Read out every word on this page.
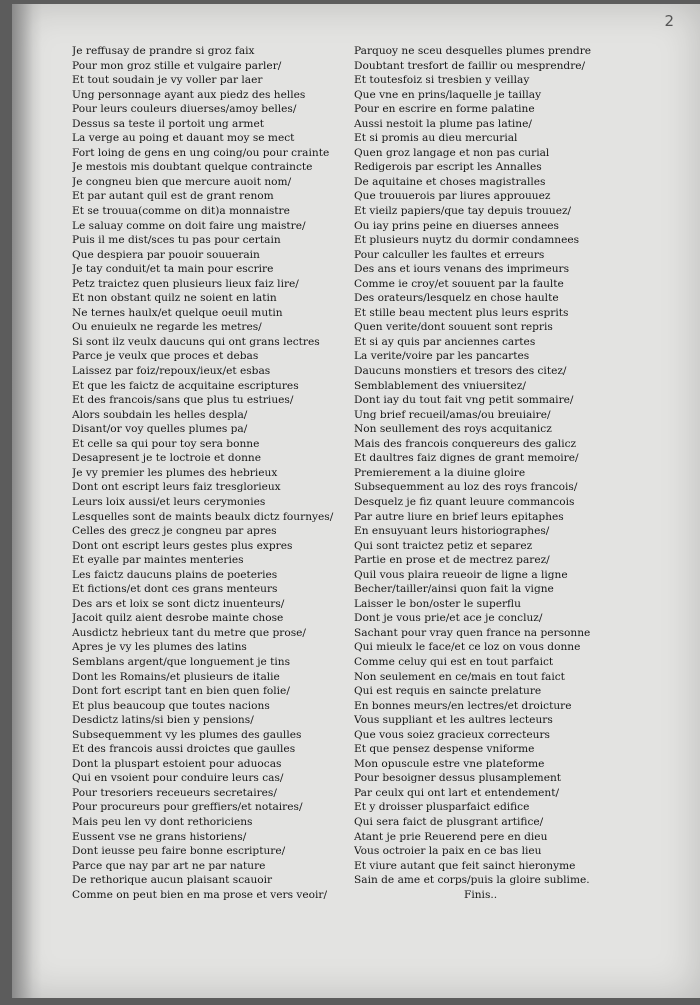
2
Je reffusay de prandre si groz faix
Pour mon groz stille et vulgaire parler/
Et tout soudain je vy voller par laer
Ung personnage ayant aux piedz des helles
Pour leurs couleurs diuerses/amoy belles/
Dessus sa teste il portoit ung armet
La verge au poing et dauant moy se mect
Fort loing de gens en ung coing/ou pour crainte
Je mestois mis doubtant quelque contraincte
Je congneu bien que mercure auoit nom/
Et par autant quil est de grant renom
Et se trouua(comme on dit)a monnaistre
Le saluay comme on doit faire ung maistre/
Puis il me dist/sces tu pas pour certain
Que despiera par pouoir souuerain
Je tay conduit/et ta main pour escrire
Petz traictez quen plusieurs lieux faiz lire/
Et non obstant quilz ne soient en latin
Ne ternes haulx/et quelque oeuil mutin
Ou enuieulx ne regarde les metres/
Si sont ilz veulx daucuns qui ont grans lectres
Parce je veulx que proces et debas
Laissez par foiz/repoux/ieux/et esbas
Et que les faictz de acquitaine escriptures
Et des francois/sans que plus tu estriues/
Alors soubdain les helles despla/
Disant/or voy quelles plumes pa/
Et celle sa qui pour toy sera bonne
Desapresent je te loctroie et donne
Je vy premier les plumes des hebrieux
Dont ont escript leurs faiz tresglorieux
Leurs loix aussi/et leurs cerymonies
Lesquelles sont de maints beaulx dictz fournyes/
Celles des grecz je congneu par apres
Dont ont escript leurs gestes plus expres
Et eyalle par maintes menteries
Les faictz daucuns plains de poeteries
Et fictions/et dont ces grans menteurs
Des ars et loix se sont dictz inuenteurs/
Jacoit quilz aient desrobe mainte chose
Ausdictz hebrieux tant du metre que prose/
Apres je vy les plumes des latins
Semblans argent/que longuement je tins
Dont les Romains/et plusieurs de italie
Dont fort escript tant en bien quen folie/
Et plus beaucoup que toutes nacions
Desdictz latins/si bien y pensions/
Subsequemment vy les plumes des gaulles
Et des francois aussi droictes que gaulles
Dont la pluspart estoient pour aduocas
Qui en vsoient pour conduire leurs cas/
Pour tresoriers receueurs secretaires/
Pour procureurs pour greffiers/et notaires/
Mais peu len vy dont rethoriciens
Eussent vse ne grans historiens/
Dont ieusse peu faire bonne escripture/
Parce que nay par art ne par nature
De rethorique aucun plaisant scauoir
Comme on peut bien en ma prose et vers veoir/
Parquoy ne sceu desquelles plumes prendre
Doubtant tresfort de faillir ou mesprendre/
Et toutesfoiz si tresbien y veillay
Que vne en prins/laquelle je taillay
Pour en escrire en forme palatine
Aussi nestoit la plume pas latine/
Et si promis au dieu mercurial
Quen groz langage et non pas curial
Redigerois par escript les Annalles
De aquitaine et choses magistralles
Que trouuerois par liures approuuez
Et vieilz papiers/que tay depuis trouuez/
Ou iay prins peine en diuerses annees
Et plusieurs nuytz du dormir condamnees
Pour calculler les faultes et erreurs
Des ans et iours venans des imprimeurs
Comme ie croy/et souuent par la faulte
Des orateurs/lesquelz en chose haulte
Et stille beau mectent plus leurs esprits
Quen verite/dont souuent sont repris
Et si ay quis par anciennes cartes
La verite/voire par les pancartes
Daucuns monstiers et tresors des citez/
Semblablement des vniuersitez/
Dont iay du tout fait vng petit sommaire/
Ung brief recueil/amas/ou breuiaire/
Non seullement des roys acquitanicz
Mais des francois conquereurs des galicz
Et daultres faiz dignes de grant memoire/
Premierement a la diuine gloire
Subsequemment au loz des roys francois/
Desquelz je fiz quant leuure commancois
Par autre liure en brief leurs epitaphes
En ensuyuant leurs historiographes/
Qui sont traictez petiz et separez
Partie en prose et de mectrez parez/
Quil vous plaira reueoir de ligne a ligne
Becher/tailler/ainsi quon fait la vigne
Laisser le bon/oster le superflu
Dont je vous prie/et ace je concluz/
Sachant pour vray quen france na personne
Qui mieulx le face/et ce loz on vous donne
Comme celuy qui est en tout parfaict
Non seulement en ce/mais en tout faict
Qui est requis en saincte prelature
En bonnes meurs/en lectres/et droicture
Vous suppliant et les aultres lecteurs
Que vous soiez gracieux correcteurs
Et que pensez despense vniforme
Mon opuscule estre vne plateforme
Pour besoigner dessus plusamplement
Par ceulx qui ont lart et entendement/
Et y droisser plusparfaict edifice
Qui sera faict de plusgrant artifice/
Atant je prie Reuerend pere en dieu
Vous octroier la paix en ce bas lieu
Et viure autant que feit sainct hieronyme
Sain de ame et corps/puis la gloire sublime.
Finis..
